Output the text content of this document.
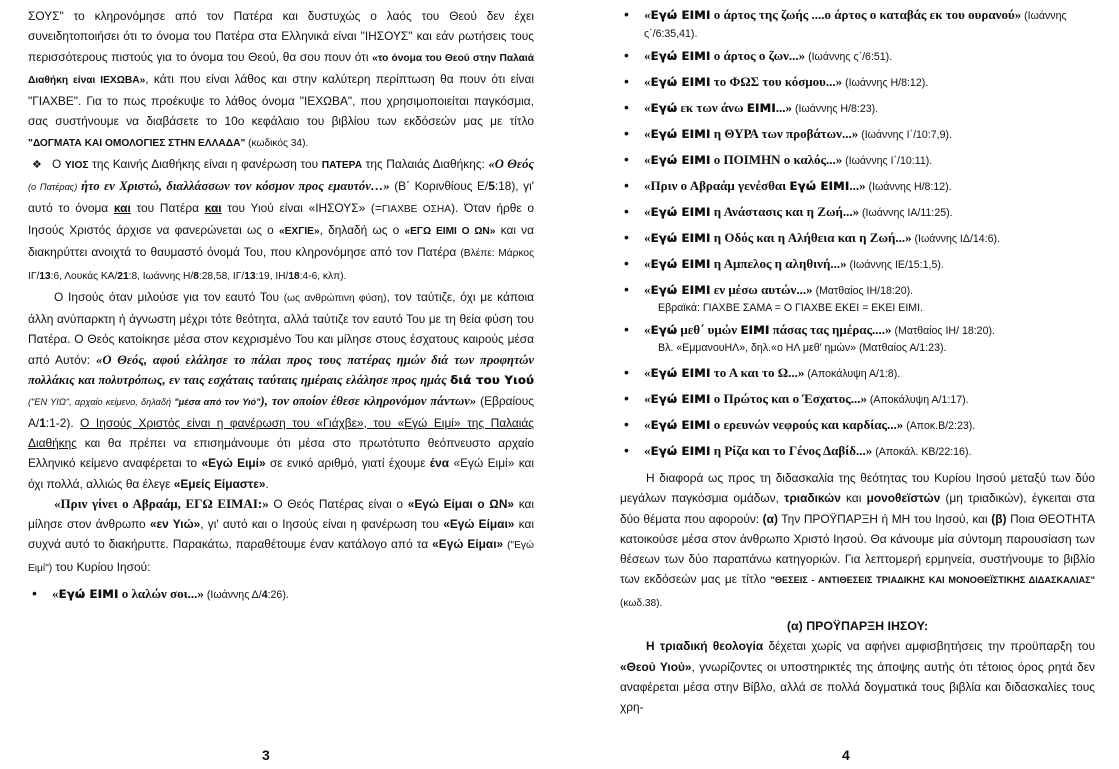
ΣΟΥΣ" το κληρονόμησε από τον Πατέρα και δυστυχώς ο λαός του Θεού δεν έχει συνειδητοποιήσει ότι το όνομα του Πατέρα στα Ελληνικά είναι "ΙΗΣΟΥΣ" και εάν ρωτήσεις τους περισσότερους πιστούς για το όνομα του Θεού, θα σου πουν ότι «το όνομα του Θεού στην Παλαιά Διαθήκη είναι ΙΕΧΩΒΑ», κάτι που είναι λάθος και στην καλύτερη περίπτωση θα πουν ότι είναι "ΓΙΑΧΒΕ". Για το πως προέκυψε το λάθος όνομα "ΙΕΧΩΒΑ", που χρησιμοποιείται παγκόσμια, σας συστήνουμε να διαβάσετε το 10ο κεφάλαιο του βιβλίου των εκδόσεών μας με τίτλο "ΔΟΓΜΑΤΑ ΚΑΙ ΟΜΟΛΟΓΙΕΣ ΣΤΗΝ ΕΛΛΑΔΑ" (κωδικός 34).

❖ Ο ΥΙΟΣ της Καινής Διαθήκης είναι η φανέρωση του ΠΑΤΕΡΑ της Παλαιάς Διαθήκης: «Ο Θεός (ο Πατέρας) ήτο εν Χριστώ, διαλλάσσων τον κόσμον προς εμαυτόν…» (Β΄ Κορινθίους Ε/5:18), γι' αυτό το όνομα και του Πατέρα και του Υιού είναι «ΙΗΣΟΥΣ» (=ΓΙΑΧΒΕ ΟΣΗΑ). Όταν ήρθε ο Ιησούς Χριστός άρχισε να φανερώνεται ως ο «ΕΧΓΙΕ», δηλαδή ως ο «ΕΓΩ ΕΙΜΙ Ο ΩΝ» και να διακηρύττει ανοιχτά το θαυμαστό όνομά Του, που κληρονόμησε από τον Πατέρα (Βλέπε: Μάρκος ΙΓ/13:6, Λουκάς ΚΑ/21:8, Ιωάννης Η/8:28,58, ΙΓ/13:19, ΙΗ/18:4-6, κλπ).

Ο Ιησούς όταν μιλούσε για τον εαυτό Του (ως ανθρώπινη φύση), τον ταύτιζε, όχι με κάποια άλλη ανύπαρκτη ή άγνωστη μέχρι τότε θεότητα, αλλά ταύτιζε τον εαυτό Του με τη θεία φύση του Πατέρα. Ο Θεός κατοίκησε μέσα στον κεχρισμένο Του και μίλησε στους έσχατους καιρούς μέσα από Αυτόν: «Ο Θεός, αφού ελάλησε το πάλαι προς τους πατέρας ημών διά των προφητών πολλάκις και πολυτρόπως, εν ταις εσχάταις ταύταις ημέραις ελάλησε προς ημάς διά του Υιού ("ΕΝ ΥΙΩ", αρχαίο κείμενο, δηλαδή "μέσα από τον Υιό"), τον οποίον έθεσε κληρονόμον πάντων» (Εβραίους Α/1:1-2). Ο Ιησούς Χριστός είναι η φανέρωση του «Γιάχβε», του «Εγώ Ειμί» της Παλαιάς Διαθήκης και θα πρέπει να επισημάνουμε ότι μέσα στο πρωτότυπο θεόπνευστο αρχαίο Ελληνικό κείμενο αναφέρεται το «Εγώ Ειμί» σε ενικό αριθμό, γιατί έχουμε ένα «Εγώ Ειμί» και όχι πολλά, αλλιώς θα έλεγε «Εμείς Είμαστε».

«Πριν γίνει ο Αβραάμ, ΕΓΩ ΕΙΜΑΙ:» Ο Θεός Πατέρας είναι ο «Εγώ Είμαι ο ΩΝ» και μίλησε στον άνθρωπο «εν Υιώ», γι' αυτό και ο Ιησούς είναι η φανέρωση του «Εγώ Είμαι» και συχνά αυτό το διακήρυττε. Παρακάτω, παραθέτουμε έναν κατάλογο από τα «Εγώ Είμαι» ("Εγώ Ειμί") του Κυρίου Ιησού:

• «Εγώ ΕΙΜΙ ο λαλών σοι...» (Ιωάννης Δ/4:26).
3
• «Εγώ ΕΙΜΙ ο άρτος της ζωής ....ο άρτος ο καταβάς εκ του ουρανού» (Ιωάννης ς΄/6:35,41).
• «Εγώ ΕΙΜΙ ο άρτος ο ζων...» (Ιωάννης ς΄/6:51).
• «Εγώ ΕΙΜΙ το ΦΩΣ του κόσμου...» (Ιωάννης Η/8:12).
• «Εγώ εκ των άνω ΕΙΜΙ...» (Ιωάννης Η/8:23).
• «Εγώ ΕΙΜΙ η ΘΥΡΑ των προβάτων...» (Ιωάννης Ι΄/10:7,9).
• «Εγώ ΕΙΜΙ ο ΠΟΙΜΗΝ ο καλός...» (Ιωάννης Ι΄/10:11).
• «Πριν ο Αβραάμ γενέσθαι Εγώ ΕΙΜΙ...» (Ιωάννης Η/8:12).
• «Εγώ ΕΙΜΙ η Ανάστασις και η Ζωή...» (Ιωάννης ΙΑ/11:25).
• «Εγώ ΕΙΜΙ η Οδός και η Αλήθεια και η Ζωή...» (Ιωάννης ΙΔ/14:6).
• «Εγώ ΕΙΜΙ η Αμπελος η αληθινή...» (Ιωάννης ΙΕ/15:1,5).
• «Εγώ ΕΙΜΙ εν μέσω αυτών...» (Ματθαίος ΙΗ/18:20).
Εβραϊκά: ΓΙΑΧΒΕ ΣΑΜΑ = Ο ΓΙΑΧΒΕ ΕΚΕΙ = ΕΚΕΙ ΕΙΜΙ.
• «Εγώ μεθ΄ υμών ΕΙΜΙ πάσας τας ημέρας....» (Ματθαίος ΙΗ/ 18:20).
Βλ. «ΕμμανουΗΛ», δηλ.«ο ΗΛ μεθ' ημών» (Ματθαίος Α/1:23).
• «Εγώ ΕΙΜΙ το Α και το Ω...» (Αποκάλυψη Α/1:8).
• «Εγώ ΕΙΜΙ ο Πρώτος και ο Έσχατος...» (Αποκάλυψη Α/1:17).
• «Εγώ ΕΙΜΙ ο ερευνών νεφρούς και καρδίας...» (Αποκ.Β/2:23).
• «Εγώ ΕΙΜΙ η Ρίζα και το Γένος Δαβίδ...» (Αποκάλ. ΚΒ/22:16).

Η διαφορά ως προς τη διδασκαλία της θεότητας του Κυρίου Ιησού μεταξύ των δύο μεγάλων παγκόσμια ομάδων, τριαδικών και μονοθεϊστών (μη τριαδικών), έγκειται στα δύο θέματα που αφορούν: (α) Την ΠΡΟΫΠΑΡΞΗ ή ΜΗ του Ιησού, και (β) Ποια ΘΕΟΤΗΤΑ κατοικούσε μέσα στον άνθρωπο Χριστό Ιησού. Θα κάνουμε μία σύντομη παρουσίαση των θέσεων των δύο παραπάνω κατηγοριών. Για λεπτομερή ερμηνεία, συστήνουμε το βιβλίο των εκδόσεών μας με τίτλο "ΘΕΣΕΙΣ - ΑΝΤΙΘΕΣΕΙΣ ΤΡΙΑΔΙΚΗΣ ΚΑΙ ΜΟΝΟΘΕΪΣΤΙΚΗΣ ΔΙΔΑΣΚΑΛΙΑΣ" (κωδ.38).

(α) ΠΡΟΫΠΑΡΞΗ ΙΗΣΟΥ:

Η τριαδική θεολογία δέχεται χωρίς να αφήνει αμφισβητήσεις την προϋπαρξη του «Θεού Υιού», γνωρίζοντες οι υποστηρικτές της άποψης αυτής ότι τέτοιος όρος ρητά δεν αναφέρεται μέσα στην Βίβλο, αλλά σε πολλά δογματικά τους βιβλία και διδασκαλίες τους χρη-

4
